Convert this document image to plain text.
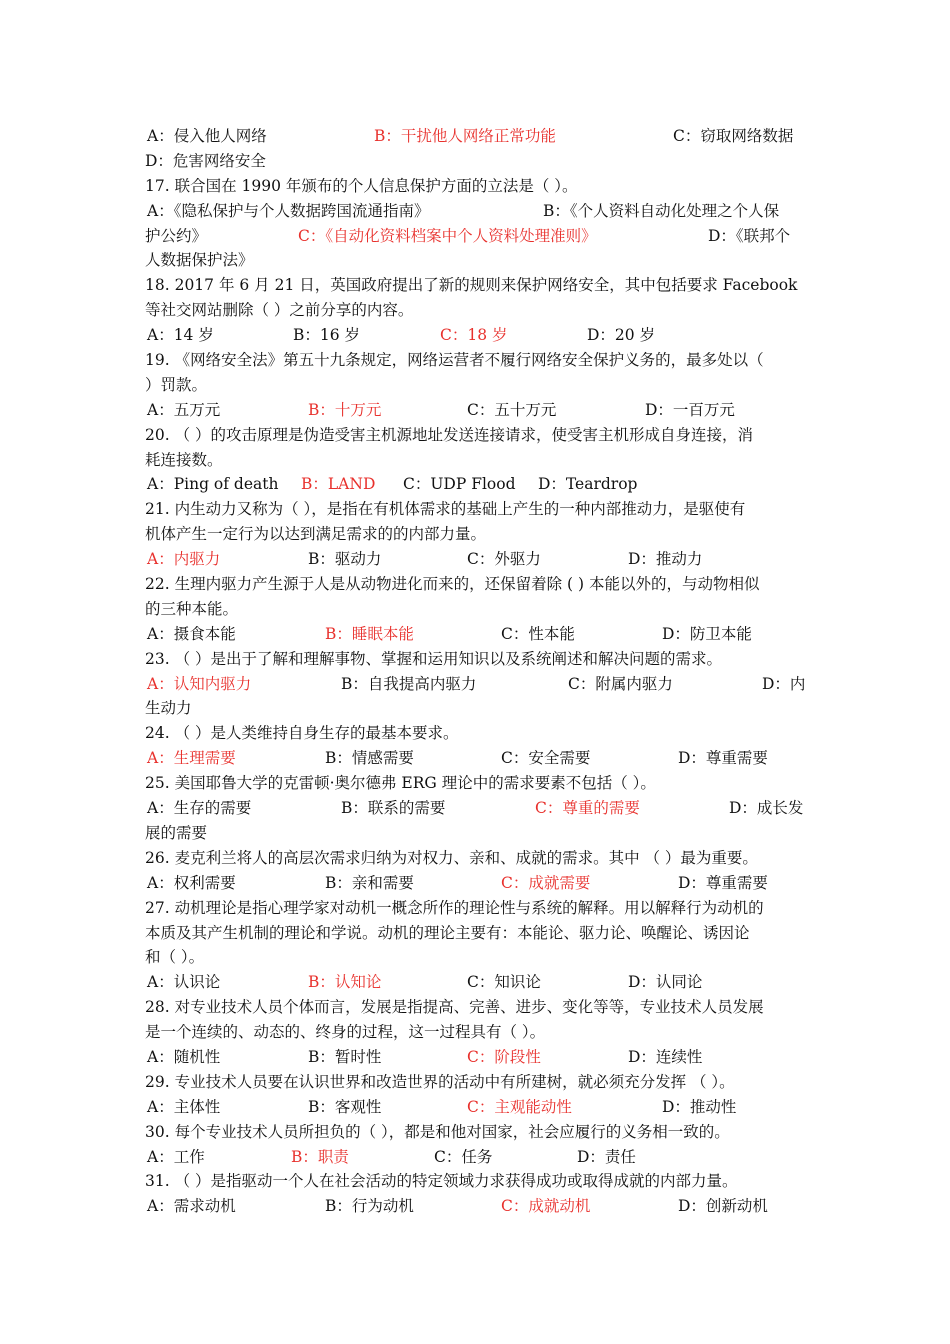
A：侵入他人网络	B：干扰他人网络正常功能	C：窃取网络数据
D：危害网络安全
17. 联合国在 1990 年颁布的个人信息保护方面的立法是（ ）。
A：《隐私保护与个人数据跨国流通指南》	B：《个人资料自动化处理之个人保
护公约》	C：《自动化资料档案中个人资料处理准则》	D：《联邦个
人数据保护法》
18. 2017 年 6 月 21 日，英国政府提出了新的规则来保护网络安全，其中包括要求 Facebook
等社交网站删除（ ）之前分享的内容。
A：14 岁	B：16 岁	C：18 岁	D：20 岁
19. 《网络安全法》第五十九条规定，网络运营者不履行网络安全保护义务的，最多处以（
）罚款。
A：五万元	B：十万元	C：五十万元	D：一百万元
20. （ ）的攻击原理是伪造受害主机源地址发送连接请求，使受害主机形成自身连接，消
耗连接数。
A：Ping of death B：LAND C：UDP Flood D：Teardrop
21. 内生动力又称为（ ），是指在有机体需求的基础上产生的一种内部推动力，是驱使有
机体产生一定行为以达到满足需求的的内部力量。
A：内驱力	B：驱动力	C：外驱力	D：推动力
22. 生理内驱力产生源于人是从动物进化而来的，还保留着除 ( ) 本能以外的，与动物相似
的三种本能。
A：摄食本能	B：睡眠本能	C：性本能	D：防卫本能
23. （ ）是出于了解和理解事物、掌握和运用知识以及系统阐述和解决问题的需求。
A：认知内驱力	B：自我提高内驱力	C：附属内驱力	D：内
生动力
24. （ ）是人类维持自身生存的最基本要求。
A：生理需要	B：情感需要	C：安全需要	D：尊重需要
25. 美国耶鲁大学的克雷顿·奥尔德弗 ERG 理论中的需求要素不包括（ ）。
A：生存的需要	B：联系的需要	C：尊重的需要	D：成长发
展的需要
26. 麦克利兰将人的高层次需求归纳为对权力、亲和、成就的需求。其中 （ ）最为重要。
A：权利需要	B：亲和需要	C：成就需要	D：尊重需要
27. 动机理论是指心理学家对动机一概念所作的理论性与系统的解释。用以解释行为动机的
本质及其产生机制的理论和学说。动机的理论主要有：本能论、驱力论、唤醒论、诱因论
和（ ）。
A：认识论	B：认知论	C：知识论	D：认同论
28. 对专业技术人员个体而言，发展是指提高、完善、进步、变化等等，专业技术人员发展
是一个连续的、动态的、终身的过程，这一过程具有（ ）。
A：随机性	B：暂时性	C：阶段性	D：连续性
29. 专业技术人员要在认识世界和改造世界的活动中有所建树，就必须充分发挥 （ ）。
A：主体性	B：客观性	C：主观能动性	D：推动性
30. 每个专业技术人员所担负的（ ），都是和他对国家，社会应履行的义务相一致的。
A：工作	B：职责	C：任务	D：责任
31. （ ）是指驱动一个人在社会活动的特定领域力求获得成功或取得成就的内部力量。
A：需求动机	B：行为动机	C：成就动机	D：创新动机
